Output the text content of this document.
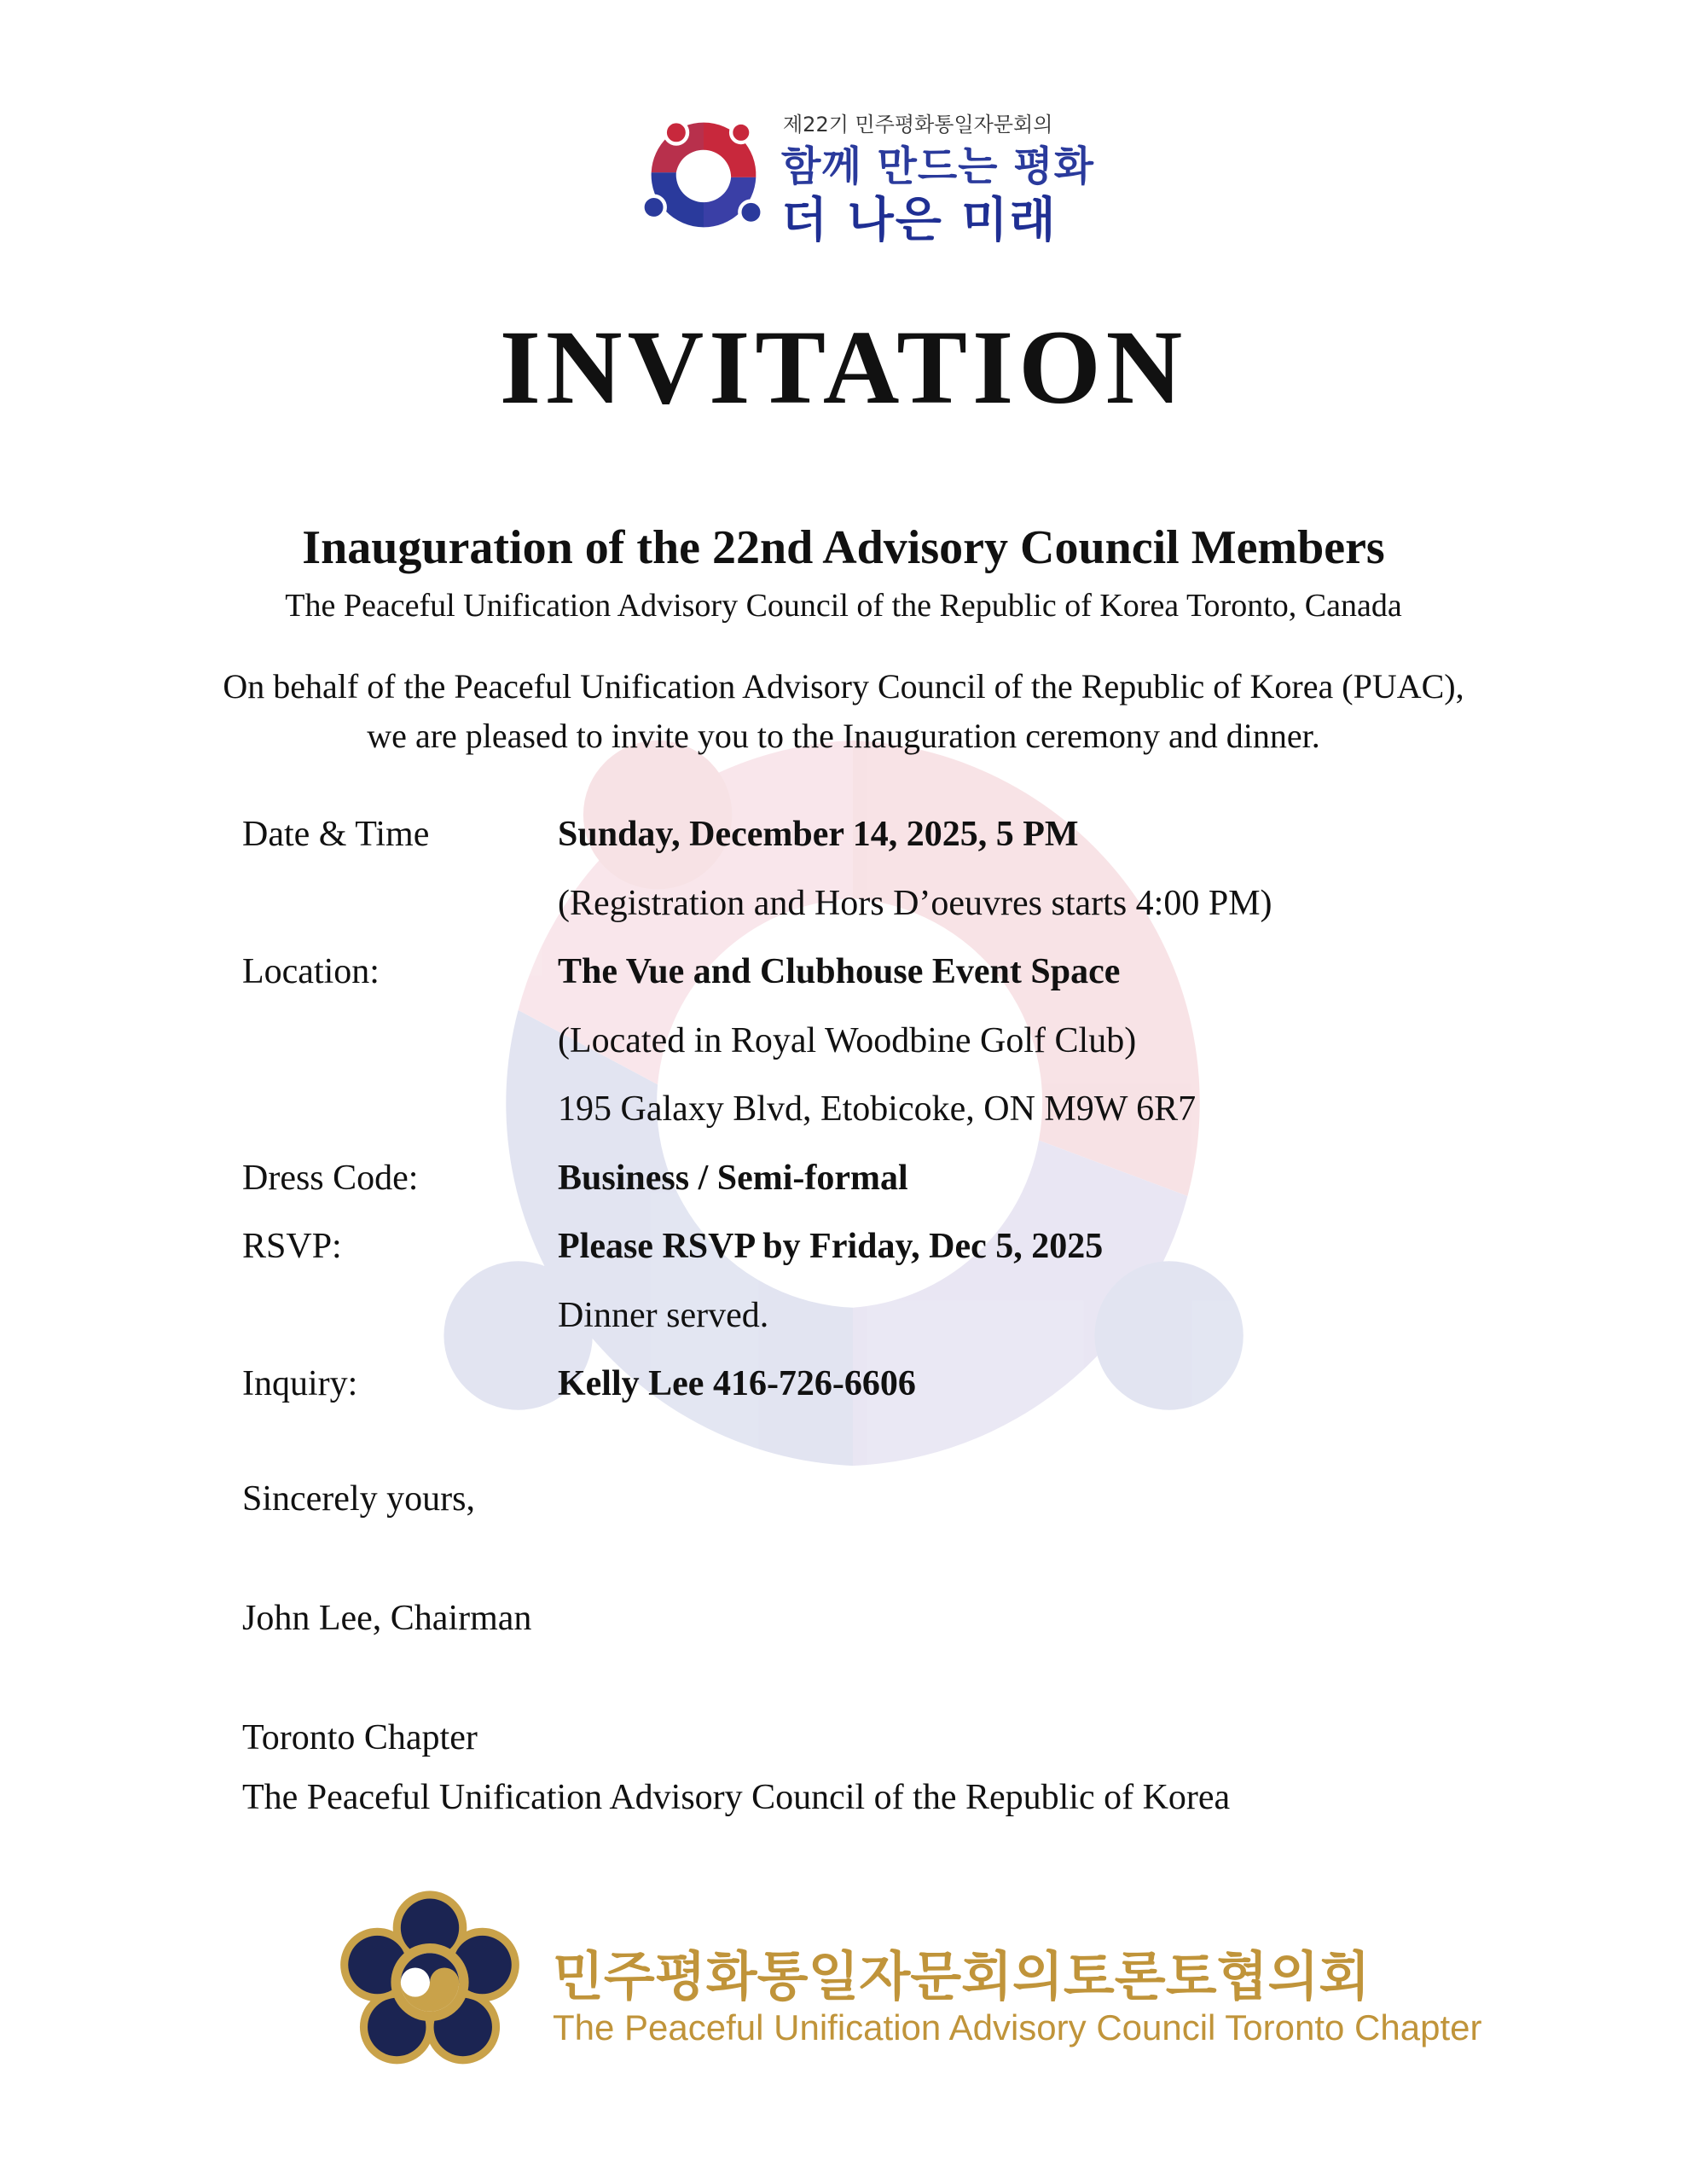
제22기 민주평화통일자문회의
함께 만드는 평화
더 나은 미래
INVITATION
Inauguration of the 22nd Advisory Council Members
The Peaceful Unification Advisory Council of the Republic of Korea Toronto, Canada
On behalf of the Peaceful Unification Advisory Council of the Republic of Korea (PUAC),
we are pleased to invite you to the Inauguration ceremony and dinner.
Date & Time	Sunday, December 14, 2025, 5 PM
(Registration and Hors D’oeuvres starts 4:00 PM)
Location:	The Vue and Clubhouse Event Space
(Located in Royal Woodbine Golf Club)
195 Galaxy Blvd, Etobicoke, ON M9W 6R7
Dress Code:	Business / Semi-formal
RSVP:	Please RSVP by Friday, Dec 5, 2025
Dinner served.
Inquiry:	Kelly Lee 416-726-6606
Sincerely yours,
John Lee, Chairman
Toronto Chapter
The Peaceful Unification Advisory Council of the Republic of Korea
민주평화통일자문회의토론토협의회
The Peaceful Unification Advisory Council Toronto Chapter
